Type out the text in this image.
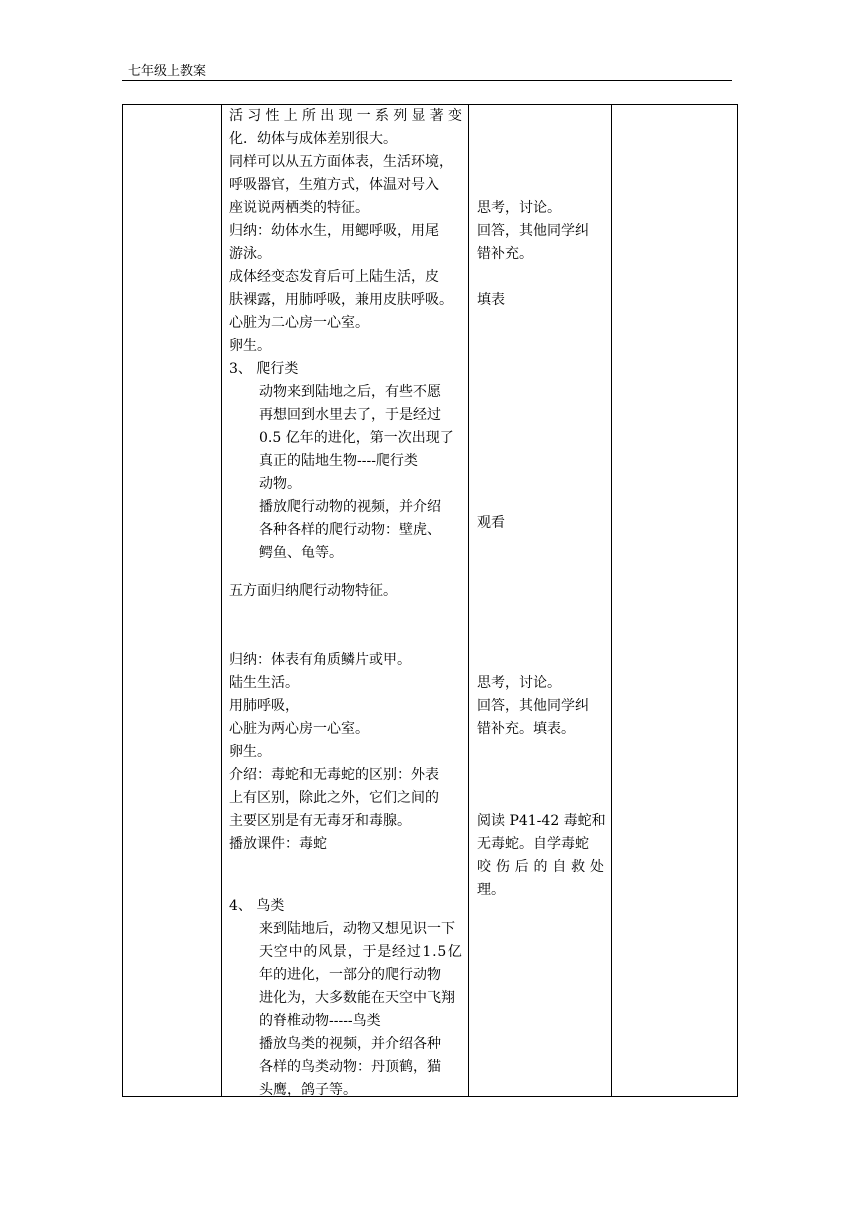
七年级上教案
活 习 性 上 所 出 现 一 系 列 显 著 变
化．幼体与成体差别很大。
同样可以从五方面体表，生活环境，
呼吸器官，生殖方式，体温对号入
座说说两栖类的特征。
归纳：幼体水生，用鳃呼吸，用尾
游泳。
成体经变态发育后可上陆生活，皮
肤裸露，用肺呼吸，兼用皮肤呼吸。
心脏为二心房一心室。
卵生。
3、 爬行类
动物来到陆地之后，有些不愿
再想回到水里去了，于是经过
0.5 亿年的进化，第一次出现了
真正的陆地生物----爬行类
动物。
播放爬行动物的视频，并介绍
各种各样的爬行动物：壁虎、
鳄鱼、龟等。
五方面归纳爬行动物特征。
归纳：体表有角质鳞片或甲。
陆生生活。
用肺呼吸，
心脏为两心房一心室。
卵生。
介绍：毒蛇和无毒蛇的区别：外表
上有区别，除此之外，它们之间的
主要区别是有无毒牙和毒腺。
播放课件：毒蛇
4、 鸟类
来到陆地后，动物又想见识一下
天 空 中 的 风 景 ， 于 是 经 过 1 . 5 亿
年的进化，一部分的爬行动物
进化为，大多数能在天空中飞翔
的脊椎动物-----鸟类
播放鸟类的视频，并介绍各种
各样的鸟类动物：丹顶鹤，猫
头鹰，鸽子等。
思考，讨论。
回答，其他同学纠
错补充。
填表
观看
思考，讨论。
回答，其他同学纠
错补充。填表。
阅读 P41-42 毒蛇和
无毒蛇。自学毒蛇
咬 伤 后 的 自 救 处
理。
